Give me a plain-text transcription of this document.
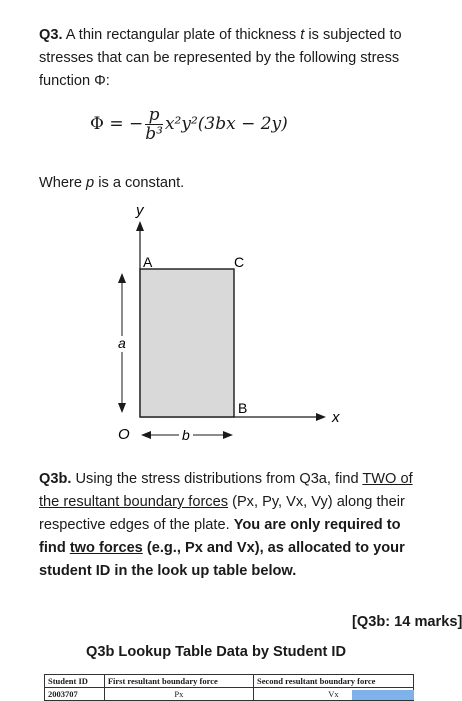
Q3. A thin rectangular plate of thickness t is subjected to stresses that can be represented by the following stress function Φ:
Φ = − $\frac{p}{\text{b³}} x^2y^2(3bx - 2y)$
Where p is a constant.
y
x
A	C
B
O
a
b
Q3b. Using the stress distributions from Q3a, find TWO of the resultant boundary forces (Px, Py, Vx, Vy) along their respective edges of the plate. You are only required to find two forces (e.g., Px and Vx), as allocated to your student ID in the look up table below.
[Q3b: 14 marks]
Q3b Lookup Table Data by Student ID
Student ID	First resultant boundary force	Second resultant boundary force
2003707	Px	Vx
